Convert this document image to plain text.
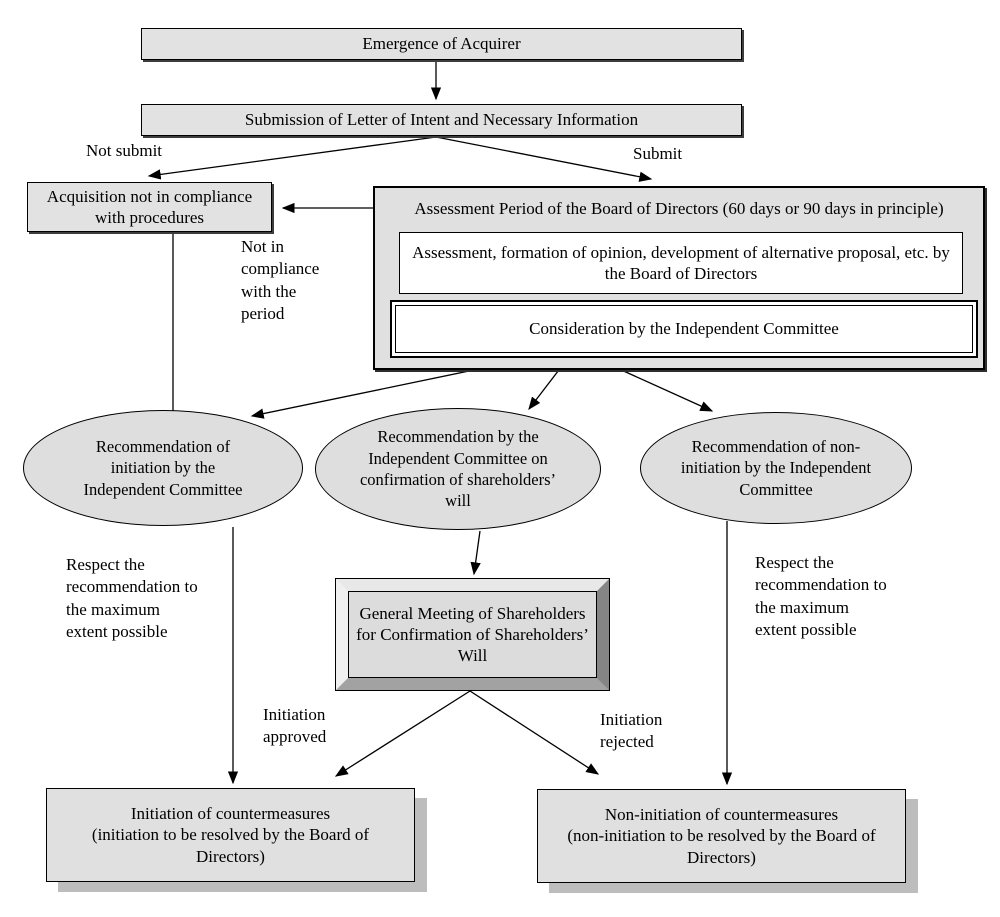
Emergence of Acquirer
Submission of Letter of Intent and Necessary Information
Not submit	Submit
Acquisition not in compliance with procedures	Assessment Period of the Board of Directors (60 days or 90 days in principle)
Assessment, formation of opinion, development of alternative proposal, etc. by the Board of Directors
Consideration by the Independent Committee
Not in compliance with the period
Recommendation of initiation by the Independent Committee
Recommendation by the Independent Committee on confirmation of shareholders’ will
Recommendation of non-initiation by the Independent Committee
Respect the recommendation to the maximum extent possible
Respect the recommendation to the maximum extent possible
General Meeting of Shareholders for Confirmation of Shareholders’ Will
Initiation approved
Initiation rejected
Initiation of countermeasures
(initiation to be resolved by the Board of Directors)
Non-initiation of countermeasures
(non-initiation to be resolved by the Board of Directors)
